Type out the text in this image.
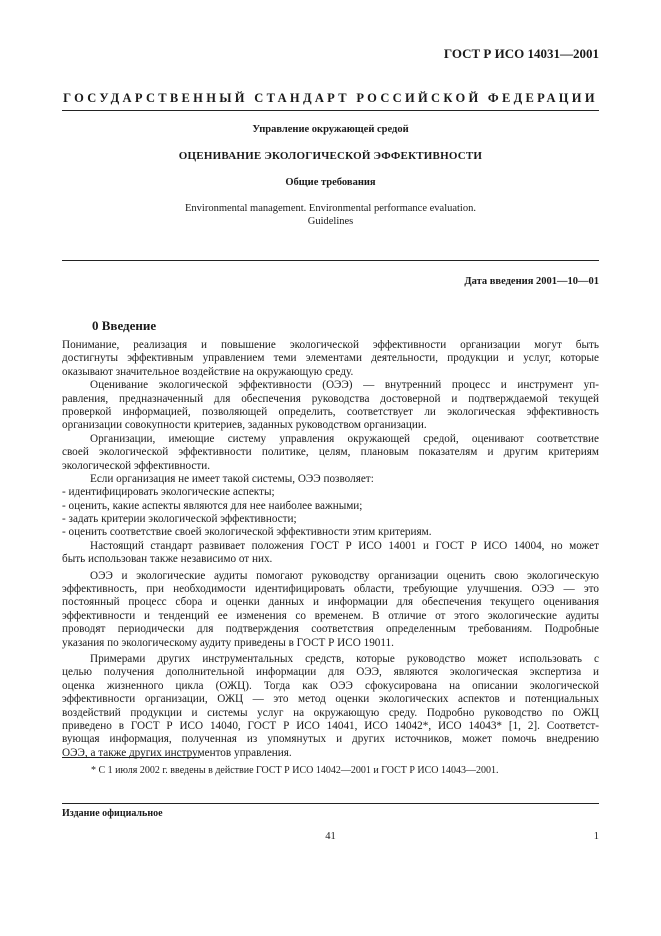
ГОСТ Р ИСО 14031—2001
ГОСУДАРСТВЕННЫЙ СТАНДАРТ РОССИЙСКОЙ ФЕДЕРАЦИИ
Управление окружающей средой
ОЦЕНИВАНИЕ ЭКОЛОГИЧЕСКОЙ ЭФФЕКТИВНОСТИ
Общие требования
Environmental management. Environmental performance evaluation.
Guidelines
Дата введения 2001—10—01
0 Введение
Понимание, реализация и повышение экологической эффективности организации могут быть
достигнуты эффективным управлением теми элементами деятельности, продукции и услуг, которые
оказывают значительное воздействие на окружающую среду.
Оценивание экологической эффективности (ОЭЭ) — внутренний процесс и инструмент уп-
равления, предназначенный для обеспечения руководства достоверной и подтверждаемой текущей
проверкой информацией, позволяющей определить, соответствует ли экологическая эффективность
организации совокупности критериев, заданных руководством организации.
Организации, имеющие систему управления окружающей средой, оценивают соответствие
своей экологической эффективности политике, целям, плановым показателям и другим критериям
экологической эффективности.
Если организация не имеет такой системы, ОЭЭ позволяет:
- идентифицировать экологические аспекты;
- оценить, какие аспекты являются для нее наиболее важными;
- задать критерии экологической эффективности;
- оценить соответствие своей экологической эффективности этим критериям.
Настоящий стандарт развивает положения ГОСТ Р ИСО 14001 и ГОСТ Р ИСО 14004, но может
быть использован также независимо от них.
ОЭЭ и экологические аудиты помогают руководству организации оценить свою экологическую
эффективность, при необходимости идентифицировать области, требующие улучшения. ОЭЭ — это
постоянный процесс сбора и оценки данных и информации для обеспечения текущего оценивания
эффективности и тенденций ее изменения со временем. В отличие от этого экологические аудиты
проводят периодически для подтверждения соответствия определенным требованиям. Подробные
указания по экологическому аудиту приведены в ГОСТ Р ИСО 19011.
Примерами других инструментальных средств, которые руководство может использовать с
целью получения дополнительной информации для ОЭЭ, являются экологическая экспертиза и
оценка жизненного цикла (ОЖЦ). Тогда как ОЭЭ сфокусирована на описании экологической
эффективности организации, ОЖЦ — это метод оценки экологических аспектов и потенциальных
воздействий продукции и системы услуг на окружающую среду. Подробно руководство по ОЖЦ
приведено в ГОСТ Р ИСО 14040, ГОСТ Р ИСО 14041, ИСО 14042*, ИСО 14043* [1, 2]. Соответст-
вующая информация, полученная из упомянутых и других источников, может помочь внедрению
ОЭЭ, а также других инструментов управления.
* С 1 июля 2002 г. введены в действие ГОСТ Р ИСО 14042—2001 и ГОСТ Р ИСО 14043—2001.
Издание официальное
41	1
